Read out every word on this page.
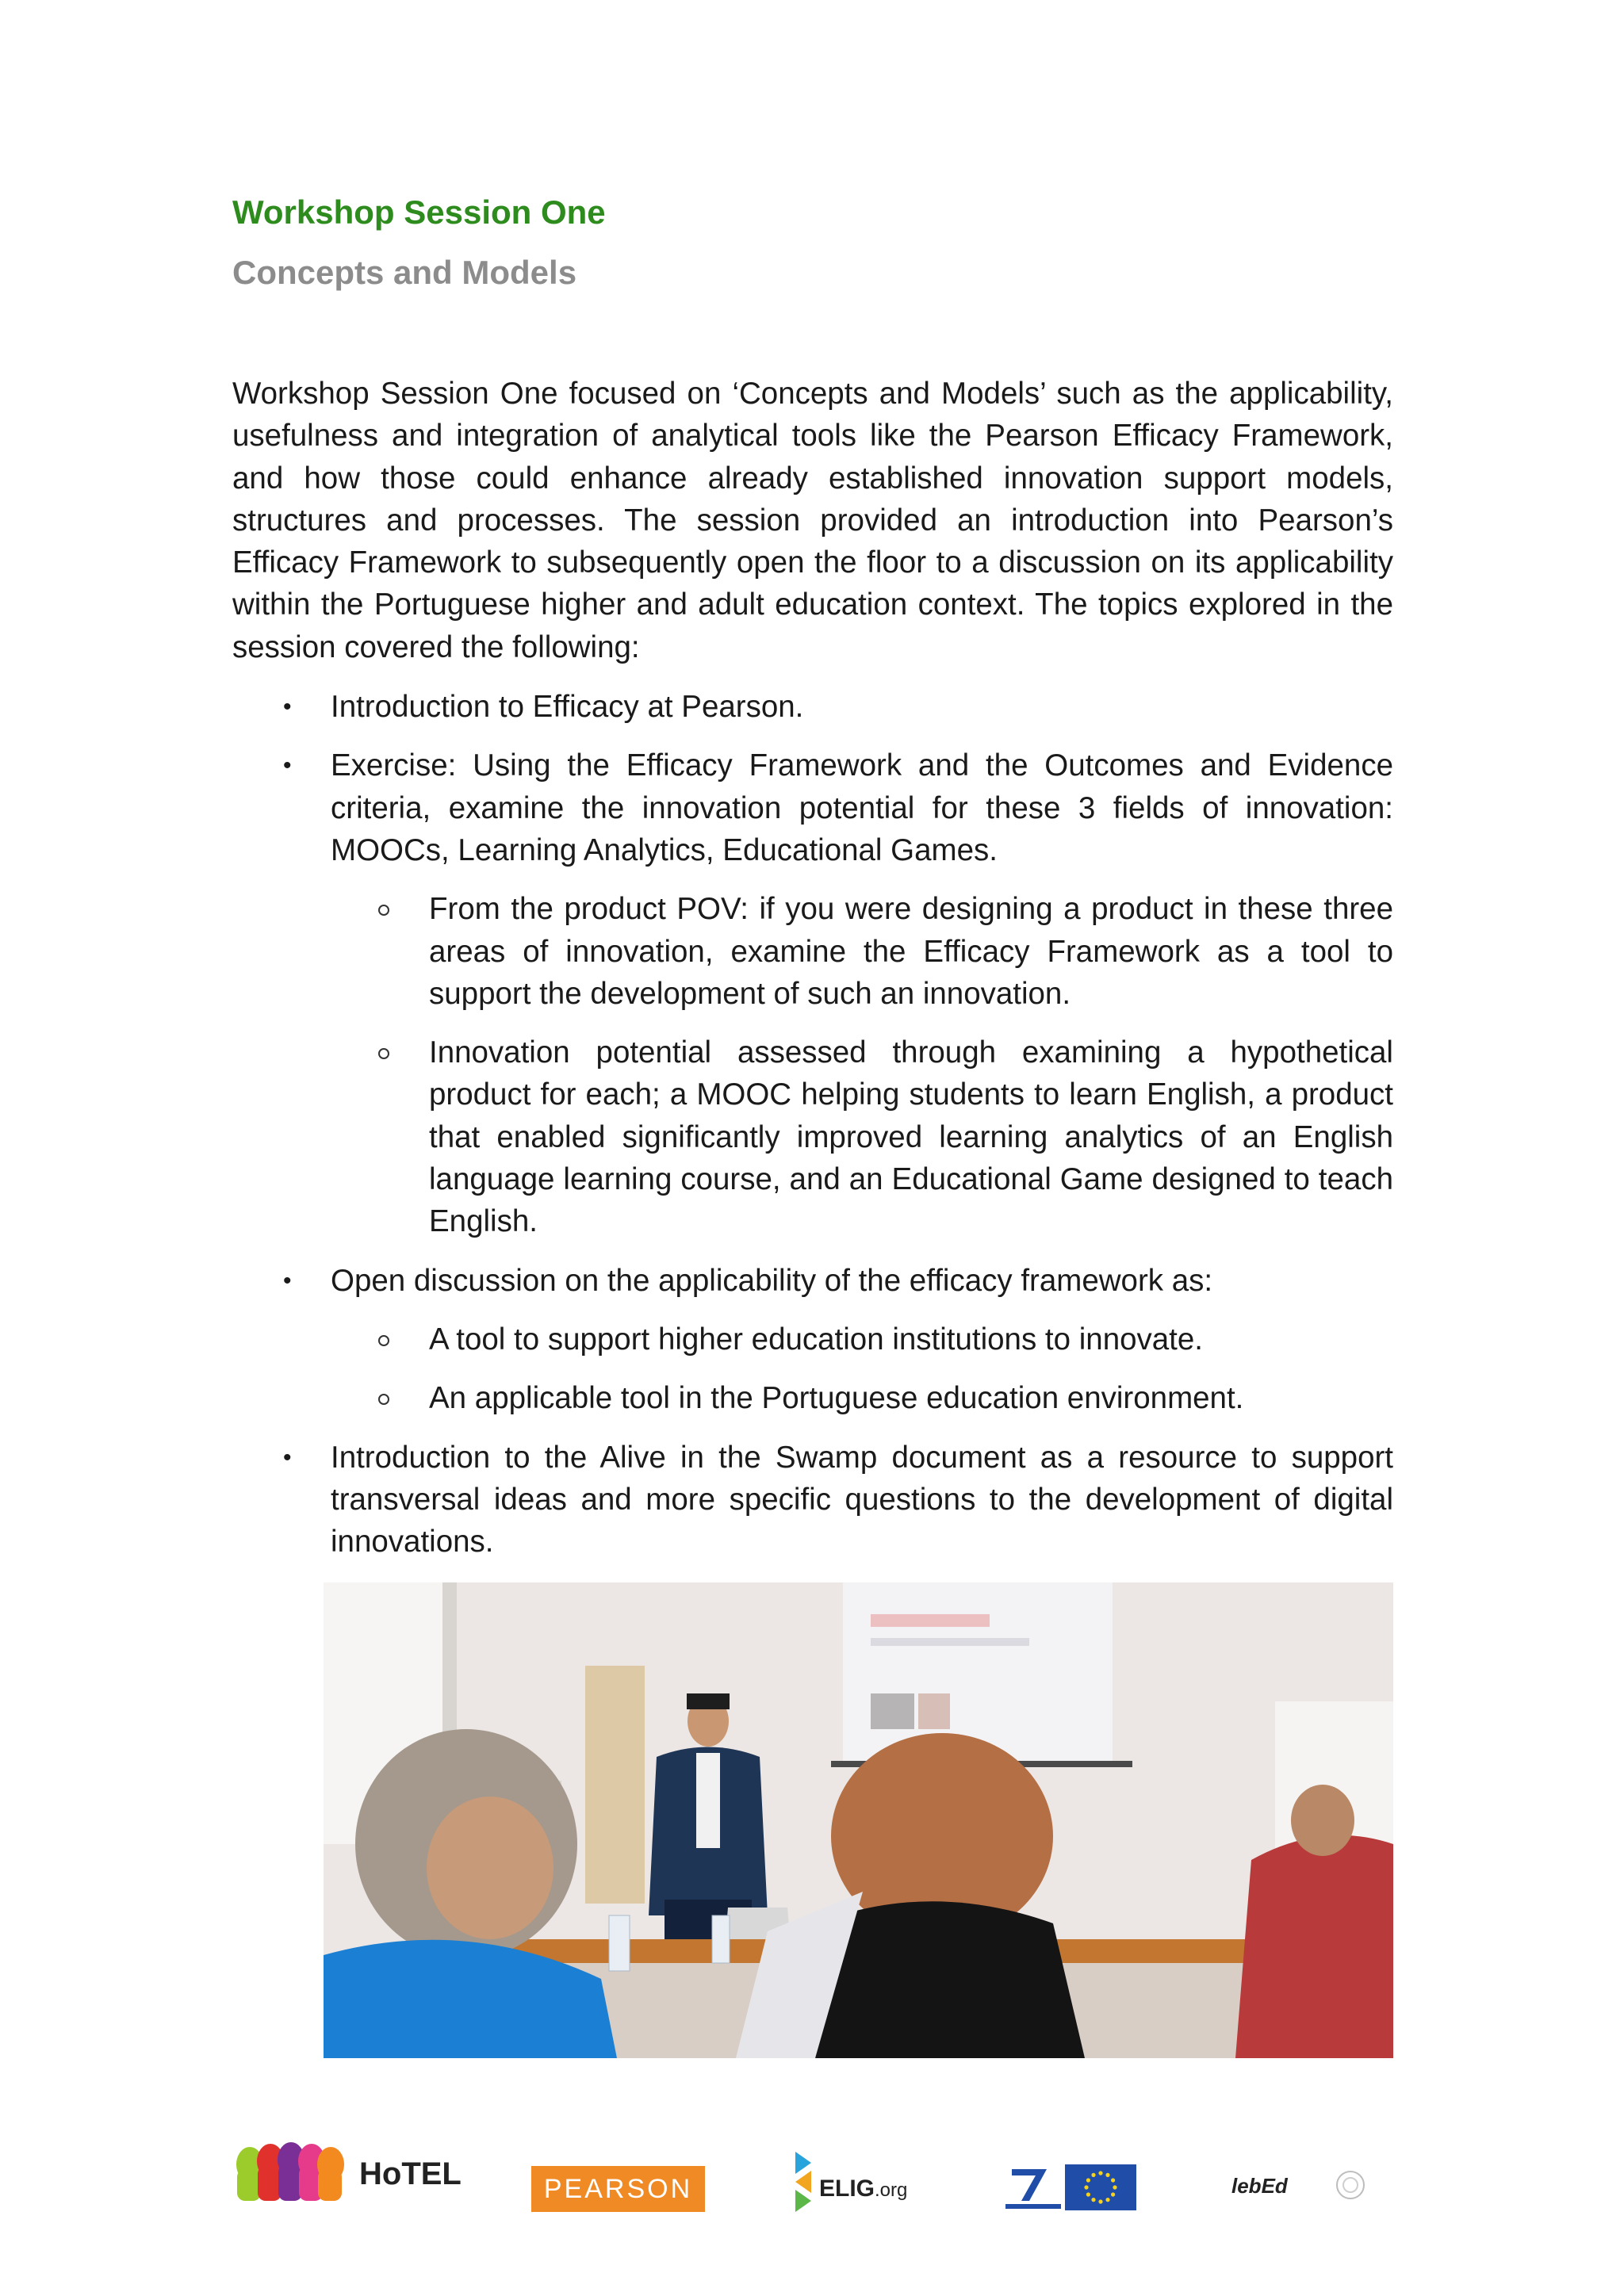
Workshop Session One
Concepts and Models

Workshop Session One focused on ‘Concepts and Models’ such as the applicability, usefulness and integration of analytical tools like the Pearson Efficacy Framework, and how those could enhance already established innovation support models, structures and processes. The session provided an introduction into Pearson’s Efficacy Framework to subsequently open the floor to a discussion on its applicability within the Portuguese higher and adult education context. The topics explored in the session covered the following:

• Introduction to Efficacy at Pearson.
• Exercise: Using the Efficacy Framework and the Outcomes and Evidence criteria, examine the innovation potential for these 3 fields of innovation: MOOCs, Learning Analytics, Educational Games.
From the product POV: if you were designing a product in these three areas of innovation, examine the Efficacy Framework as a tool to support the development of such an innovation.
Innovation potential assessed through examining a hypothetical product for each; a MOOC helping students to learn English, a product that enabled significantly improved learning analytics of an English language learning course, and an Educational Game designed to teach English.
• Open discussion on the applicability of the efficacy framework as:
A tool to support higher education institutions to innovate.
An applicable tool in the Portuguese education environment.
• Introduction to the Alive in the Swamp document as a resource to support transversal ideas and more specific questions to the development of digital innovations.
HoTEL	PEARSON	ELIG.org	lebEd
